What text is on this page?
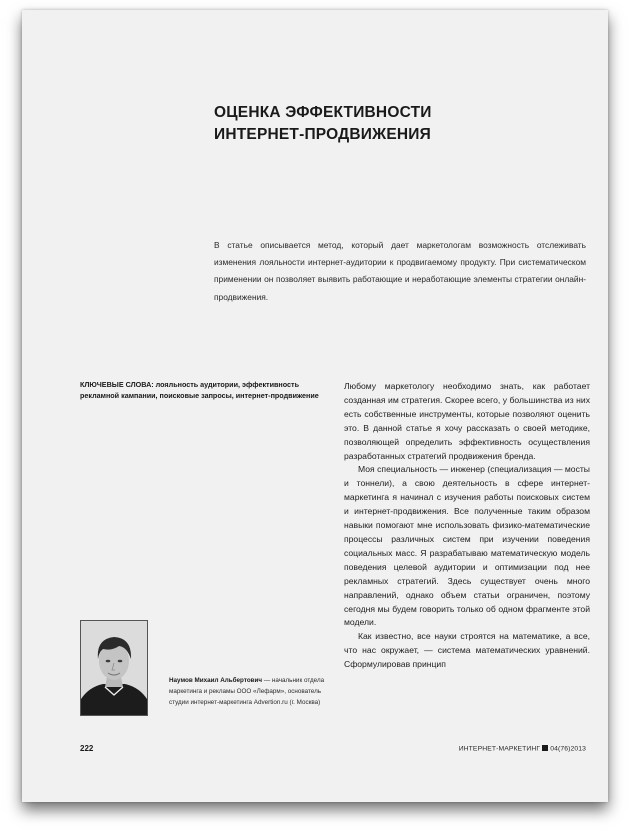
ОЦЕНКА ЭФФЕКТИВНОСТИ
ИНТЕРНЕТ-ПРОДВИЖЕНИЯ

В статье описывается метод, который дает маркетологам возможность отслеживать изменения лояльности интернет-аудитории к продвигаемому продукту. При систематическом применении он позволяет выявить работающие и неработающие элементы стратегии онлайн-продвижения.

КЛЮЧЕВЫЕ СЛОВА: лояльность аудитории, эффективность рекламной кампании, поисковые запросы, интернет-продвижение

Любому маркетологу необходимо знать, как работает созданная им стратегия. Скорее всего, у большинства из них есть собственные инструменты, которые позволяют оценить это. В данной статье я хочу рассказать о своей методике, позволяющей определить эффективность осуществления разработанных стратегий продвижения бренда.

Моя специальность — инженер (специализация — мосты и тоннели), а свою деятельность в сфере интернет-маркетинга я начинал с изучения работы поисковых систем и интернет-продвижения. Все полученные таким образом навыки помогают мне использовать физико-математические процессы различных систем при изучении поведения социальных масс. Я разрабатываю математическую модель поведения целевой аудитории и оптимизации под нее рекламных стратегий. Здесь существует очень много направлений, однако объем статьи ограничен, поэтому сегодня мы будем говорить только об одном фрагменте этой модели.

Как известно, все науки строятся на математике, а все, что нас окружает, — система математических уравнений. Сформулировав принцип

Наумов Михаил Альбертович — начальник отдела маркетинга и рекламы ООО «Лефарм», основатель студии интернет-маркетинга Advertion.ru (г. Москва)

222	ИНТЕРНЕТ-МАРКЕТИНГ 04(76)2013
